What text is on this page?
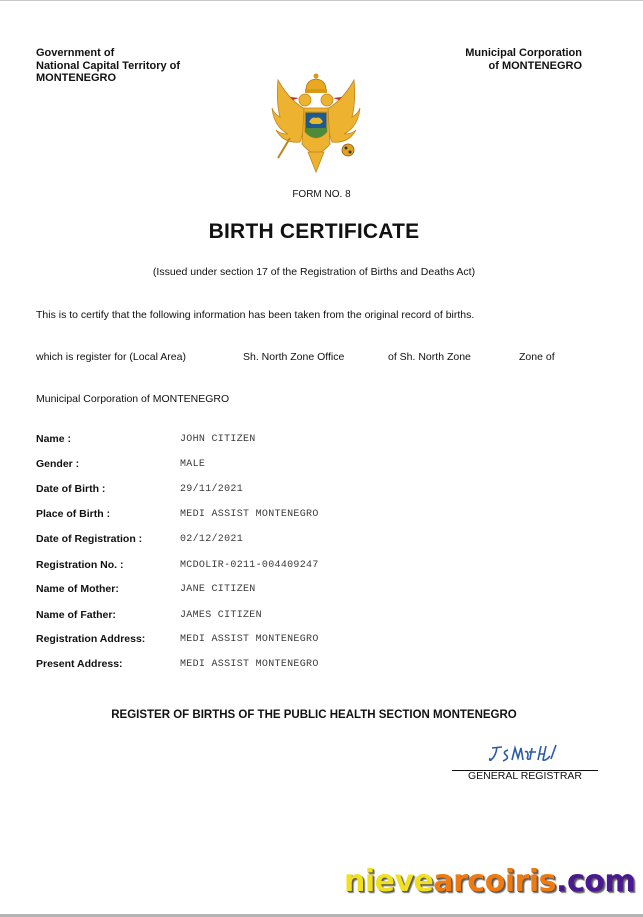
Government of
National Capital Territory of
MONTENEGRO
Municipal Corporation
of MONTENEGRO
FORM NO. 8
BIRTH CERTIFICATE
(Issued under section 17 of the Registration of Births and Deaths Act)
This is to certify that the following information has been taken from the original record of births.
which is register for (Local Area)	Sh. North Zone Office	of Sh. North Zone	Zone of
Municipal Corporation of MONTENEGRO
Name :	JOHN CITIZEN
Gender :	MALE
Date of Birth :	29/11/2021
Place of Birth :	MEDI ASSIST MONTENEGRO
Date of Registration :	02/12/2021
Registration No. :	MCDOLIR-0211-004409247
Name of Mother:	JANE CITIZEN
Name of Father:	JAMES CITIZEN
Registration Address:	MEDI ASSIST MONTENEGRO
Present Address:	MEDI ASSIST MONTENEGRO
REGISTER OF BIRTHS OF THE PUBLIC HEALTH SECTION MONTENEGRO
GENERAL REGISTRAR
nievearcoiris.com
